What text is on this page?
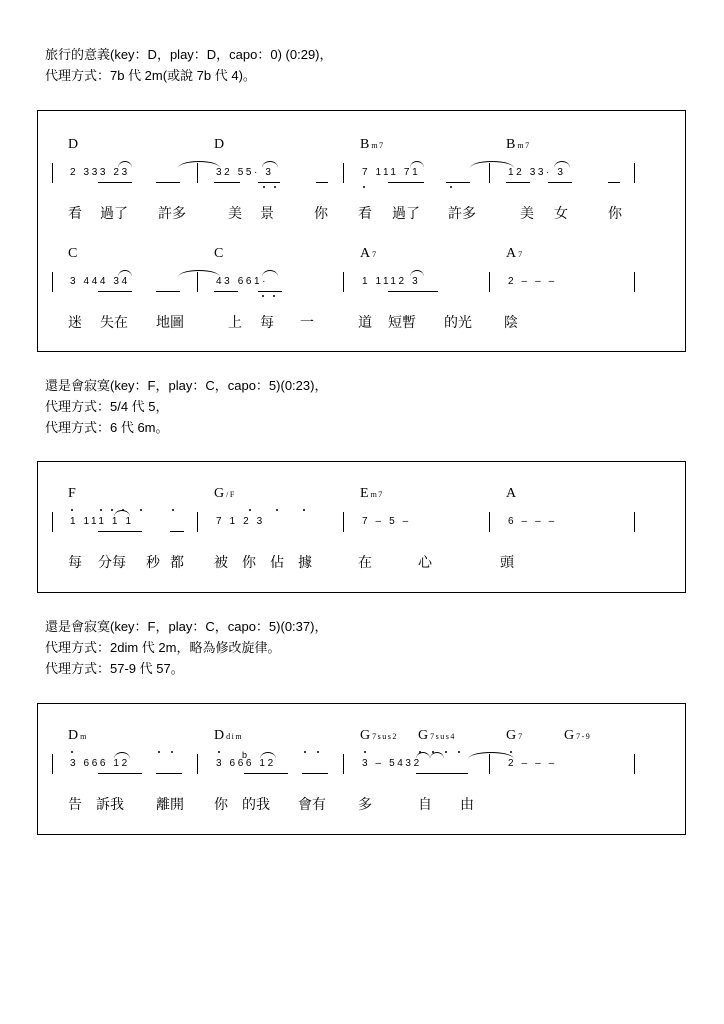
旅行的意義(key：D，play：D，capo：0) (0:29)，
代理方式：7b 代 2m(或說 7b 代 4)。
D	D	Bm7	Bm7
2 333 23	32 55· 3	7 111 71	12 33· 3
看 過了 許多	美 景	你 看 過了 許多	美 女	你
C	C	A 7	A 7
3 444 34	43 661·	1 1112 3	2 – – –
迷 失在 地圖	上 每 一	道 短暫 的光 陰
還是會寂寞(key：F，play：C，capo：5)(0:23)，
代理方式：5/4 代 5，
代理方式：6 代 6m。
F	G /F	Em7	A
1 111 1 1	7 1 2 3	7 – 5 –	6 – – –
每 分每 秒 都 被 你 佔 據	在	心	頭
還是會寂寞(key：F，play：C，capo：5)(0:37)，
代理方式：2dim 代 2m，略為修改旋律。
代理方式：57-9 代 57。
Dm	Ddim	G 7sus2 G 7sus4	G 7	G 7-9
b
3 666 12	3 666 12	3 – 5432	2 – – –
告 訴我 離開 你 的我 會有 多	自 由
